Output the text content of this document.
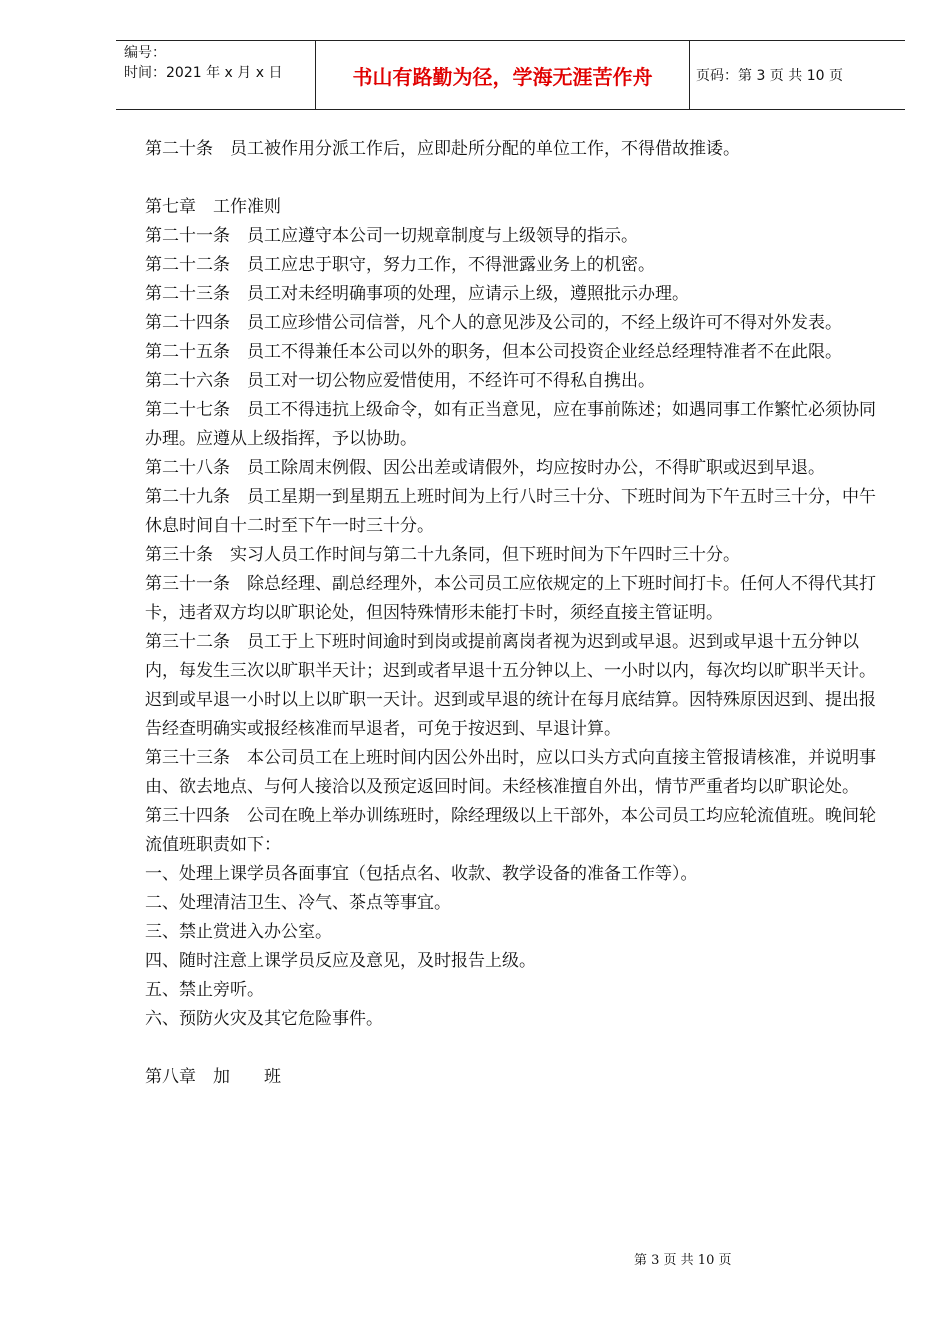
编号：
时间：2021 年 x 月 x 日	书山有路勤为径，学海无涯苦作舟	页码：第 3 页 共 10 页

第二十条　员工被作用分派工作后，应即赴所分配的单位工作，不得借故推诿。

第七章　工作准则

第二十一条　员工应遵守本公司一切规章制度与上级领导的指示。

第二十二条　员工应忠于职守，努力工作，不得泄露业务上的机密。

第二十三条　员工对未经明确事项的处理，应请示上级，遵照批示办理。

第二十四条　员工应珍惜公司信誉，凡个人的意见涉及公司的，不经上级许可不得对外发表。

第二十五条　员工不得兼任本公司以外的职务，但本公司投资企业经总经理特准者不在此限。

第二十六条　员工对一切公物应爱惜使用，不经许可不得私自携出。

第二十七条　员工不得违抗上级命令，如有正当意见，应在事前陈述；如遇同事工作繁忙必须协同办理。应遵从上级指挥，予以协助。

第二十八条　员工除周末例假、因公出差或请假外，均应按时办公，不得旷职或迟到早退。

第二十九条　员工星期一到星期五上班时间为上行八时三十分、下班时间为下午五时三十分，中午休息时间自十二时至下午一时三十分。

第三十条　实习人员工作时间与第二十九条同，但下班时间为下午四时三十分。

第三十一条　除总经理、副总经理外，本公司员工应依规定的上下班时间打卡。任何人不得代其打卡，违者双方均以旷职论处，但因特殊情形未能打卡时，须经直接主管证明。

第三十二条　员工于上下班时间逾时到岗或提前离岗者视为迟到或早退。迟到或早退十五分钟以内，每发生三次以旷职半天计；迟到或者早退十五分钟以上、一小时以内，每次均以旷职半天计。迟到或早退一小时以上以旷职一天计。迟到或早退的统计在每月底结算。因特殊原因迟到、提出报告经查明确实或报经核准而早退者，可免于按迟到、早退计算。

第三十三条　本公司员工在上班时间内因公外出时，应以口头方式向直接主管报请核准，并说明事由、欲去地点、与何人接洽以及预定返回时间。未经核准擅自外出，情节严重者均以旷职论处。

第三十四条　公司在晚上举办训练班时，除经理级以上干部外，本公司员工均应轮流值班。晚间轮流值班职责如下：

一、处理上课学员各面事宜（包括点名、收款、教学设备的准备工作等）。

二、处理清洁卫生、冷气、茶点等事宜。

三、禁止赏进入办公室。

四、随时注意上课学员反应及意见，及时报告上级。

五、禁止旁听。

六、预防火灾及其它危险事件。

第八章　加　　班

第 3 页 共 10 页
